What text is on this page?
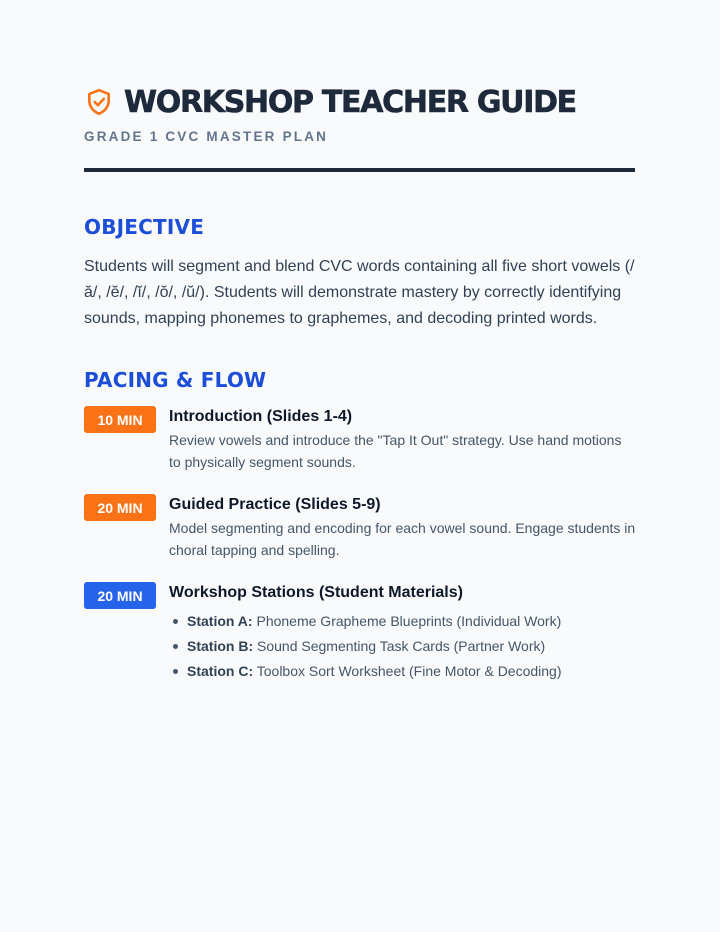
WORKSHOP TEACHER GUIDE
GRADE 1 CVC MASTER PLAN
OBJECTIVE

Students will segment and blend CVC words containing all five short vowels (/ă/, /ĕ/, /ĭ/, /ŏ/, /ŭ/). Students will demonstrate mastery by correctly identifying sounds, mapping phonemes to graphemes, and decoding printed words.

PACING & FLOW
10 MIN	Introduction (Slides 1-4)
Review vowels and introduce the "Tap It Out" strategy. Use hand motions to physically segment sounds.
20 MIN	Guided Practice (Slides 5-9)
Model segmenting and encoding for each vowel sound. Engage students in choral tapping and spelling.
20 MIN	Workshop Stations (Student Materials)
Station A: Phoneme Grapheme Blueprints (Individual Work)
Station B: Sound Segmenting Task Cards (Partner Work)
Station C: Toolbox Sort Worksheet (Fine Motor & Decoding)
